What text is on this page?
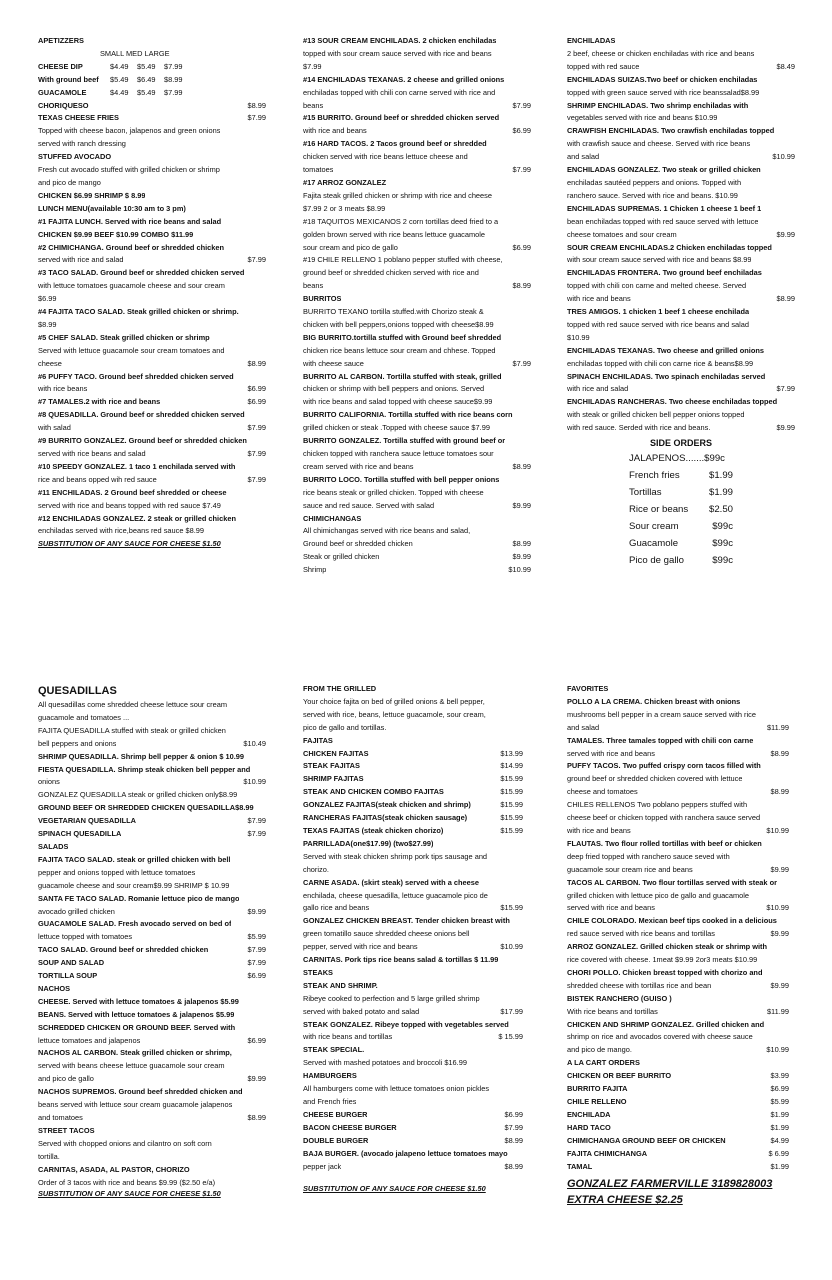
APETIZZERS
SMALL MED LARGE
CHEESE DIP	$4.49	$5.49	$7.99
With ground beef	$5.49	$6.49	$8.99
GUACAMOLE	$4.49	$5.49	$7.99
CHORIQUESO	$8.99
TEXAS CHEESE FRIES	$7.99
Topped with cheese bacon, jalapenos and green onions
served with ranch dressing
STUFFED AVOCADO
Fresh cut avocado stuffed with grilled chicken or shrimp
and pico de mango
CHICKEN $6.99 SHRIMP $ 8.99
LUNCH MENU(available 10:30 am to 3 pm)
#1 FAJITA LUNCH. Served with rice beans and salad
CHICKEN $9.99 BEEF $10.99 COMBO $11.99
#2 CHIMICHANGA. Ground beef or shredded chicken
served with rice and salad	$7.99
#3 TACO SALAD. Ground beef or shredded chicken served
with lettuce tomatoes guacamole cheese and sour cream
$6.99
#4 FAJITA TACO SALAD. Steak grilled chicken or shrimp.
$8.99
#5 CHEF SALAD. Steak grilled chicken or shrimp
Served with lettuce guacamole sour cream tomatoes and
cheese	$8.99
#6 PUFFY TACO. Ground beef shredded chicken served
with rice beans	$6.99
#7 TAMALES.2 with rice and beans	$6.99
#8 QUESADILLA. Ground beef or shredded chicken served
with salad	$7.99
#9 BURRITO GONZALEZ. Ground beef or shredded chicken
served with rice beans and salad	$7.99
#10 SPEEDY GONZALEZ. 1 taco 1 enchilada served with
rice and beans opped wih red sauce	$7.99
#11 ENCHILADAS. 2 Ground beef shredded or cheese
served with rice and beans topped with red sauce $7.49
#12 ENCHILADAS GONZALEZ. 2 steak or grilled chicken
enchiladas served with rice,beans red sauce $8.99
SUBSTITUTION OF ANY SAUCE FOR CHEESE $1.50
#13 SOUR CREAM ENCHILADAS. 2 chicken enchiladas
topped with sour cream sauce served with rice and beans
$7.99
#14 ENCHILADAS TEXANAS. 2 cheese and grilled onions
enchiladas topped with chili con carne served with rice and
beans	$7.99
#15 BURRITO. Ground beef or shredded chicken served
with rice and beans	$6.99
#16 HARD TACOS. 2 Tacos ground beef or shredded
chicken served with rice beans lettuce cheese and
tomatoes	$7.99
#17 ARROZ GONZALEZ
Fajita steak grilled chicken or shrimp with rice and cheese
$7.99 2 or 3 meats $8.99
#18 TAQUITOS MEXICANOS 2 corn tortillas deed fried to a
golden brown served with rice beans lettuce guacamole
sour cream and pico de gallo	$6.99
#19 CHILE RELLENO 1 poblano pepper stuffed with cheese,
ground beef or shredded chicken served with rice and
beans	$8.99
BURRITOS
BURRITO TEXANO tortilla stuffed.with Chorizo steak &
chicken with bell peppers,onions topped with cheese$8.99
BIG BURRITO.tortilla stuffed with Ground beef shredded
chicken rice beans lettuce sour cream and chhese. Topped
with cheese sauce	$7.99
BURRITO AL CARBON. Tortilla stuffed with steak, grilled
chicken or shrimp with bell peppers and onions. Served
with rice beans and salad topped with cheese sauce$9.99
BURRITO CALIFORNIA. Tortilla stuffed with rice beans corn
grilled chicken or steak .Topped with cheese sauce $7.99
BURRITO GONZALEZ. Tortilla stuffed with ground beef or
chicken topped with ranchera sauce lettuce tomatoes sour
cream served with rice and beans	$8.99
BURRITO LOCO. Tortilla stuffed with bell pepper onions
rice beans steak or grilled chicken. Topped with cheese
sauce and red sauce. Served with salad	$9.99
CHIMICHANGAS
All chimichangas served with rice beans and salad,
Ground beef or shredded chicken	$8.99
Steak or grilled chicken	$9.99
Shrimp	$10.99
ENCHILADAS
2 beef, cheese or chicken enchiladas with rice and beans
topped with red sauce	$8.49
ENCHILADAS SUIZAS.Two beef or chicken enchiladas
topped with green sauce served with rice beanssalad$8.99
SHRIMP ENCHILADAS. Two shrimp enchiladas with
vegetables served with rice and beans $10.99
CRAWFISH ENCHILADAS. Two crawfish enchiladas topped
with crawfish sauce and cheese. Served with rice beans
and salad	$10.99
ENCHILADAS GONZALEZ. Two steak or grilled chicken
enchiladas sautéed peppers and onions. Topped with
ranchero sauce. Served with rice and beans. $10.99
ENCHILADAS SUPREMAS. 1 Chicken 1 cheese 1 beef 1
bean enchiladas topped with red sauce served with lettuce
cheese tomatoes and sour cream	$9.99
SOUR CREAM ENCHILADAS.2 Chicken enchiladas topped
with sour cream sauce served with rice and beans $8.99
ENCHILADAS FRONTERA. Two ground beef enchiladas
topped with chili con carne and melted cheese. Served
with rice and beans	$8.99
TRES AMIGOS. 1 chicken 1 beef 1 cheese enchilada
topped with red sauce served with rice beans and salad
$10.99
ENCHILADAS TEXANAS. Two cheese and grilled onions
enchiladas topped with chili con carne rice & beans$8.99
SPINACH ENCHILADAS. Two spinach enchiladas served
with rice and salad	$7.99
ENCHILADAS RANCHERAS. Two cheese enchiladas topped
with steak or grilled chicken bell pepper onions topped
with red sauce. Serded with rice and beans.	$9.99
SIDE ORDERS
JALAPENOS.......$99c
French fries	$1.99
Tortillas	$1.99
Rice or beans	$2.50
Sour cream	$99c
Guacamole	$99c
Pico de gallo	$99c
QUESADILLAS
All quesadillas come shredded cheese lettuce sour cream
guacamole and tomatoes ...
FAJITA QUESADILLA stuffed with steak or grilled chicken
bell peppers and onions	$10.49
SHRIMP QUESADILLA. Shrimp bell pepper & onion $ 10.99
FIESTA QUESADILLA. Shrimp steak chicken bell pepper and
onions	$10.99
GONZALEZ QUESADILLA steak or grilled chicken only$8.99
GROUND BEEF OR SHREDDED CHICKEN QUESADILLA$8.99
VEGETARIAN QUESADILLA	$7.99
SPINACH QUESADILLA	$7.99
SALADS
FAJITA TACO SALAD. steak or grilled chicken with bell
pepper and onions topped with lettuce tomatoes
guacamole cheese and sour cream$9.99 SHRIMP $ 10.99
SANTA FE TACO SALAD. Romanie lettuce pico de mango
avocado grilled chicken	$9.99
GUACAMOLE SALAD. Fresh avocado served on bed of
lettuce topped with tomatoes	$5.99
TACO SALAD. Ground beef or shredded chicken	$7.99
SOUP AND SALAD	$7.99
TORTILLA SOUP	$6.99
NACHOS
CHEESE. Served with lettuce tomatoes & jalapenos $5.99
BEANS. Served with lettuce tomatoes & jalapenos $5.99
SCHREDDED CHICKEN OR GROUND BEEF. Served with
lettuce tomatoes and jalapenos	$6.99
NACHOS AL CARBON. Steak grilled chicken or shrimp,
served with beans cheese lettuce guacamole sour cream
and pico de gallo	$9.99
NACHOS SUPREMOS. Ground beef shredded chicken and
beans served with lettuce sour cream guacamole jalapenos
and tomatoes	$8.99
STREET TACOS
Served with chopped onions and cilantro on soft corn
tortilla.
CARNITAS, ASADA, AL PASTOR, CHORIZO
Order of 3 tacos with rice and beans $9.99 ($2.50 e/a)
SUBSTITUTION OF ANY SAUCE FOR CHEESE $1.50
FROM THE GRILLED
Your choice fajita on bed of grilled onions & bell pepper,
served with rice, beans, lettuce guacamole, sour cream,
pico de gallo and tortillas.
FAJITAS
CHICKEN FAJITAS	$13.99
STEAK FAJITAS	$14.99
SHRIMP FAJITAS	$15.99
STEAK AND CHICKEN COMBO FAJITAS	$15.99
GONZALEZ FAJITAS(steak chicken and shrimp)	$15.99
RANCHERAS FAJITAS(steak chicken sausage)	$15.99
TEXAS FAJITAS (steak chicken chorizo)	$15.99
PARRILLADA(one$17.99) (two$27.99)
Served with steak chicken shrimp pork tips sausage and
chorizo.
CARNE ASADA. (skirt steak) served with a cheese
enchilada, cheese quesadilla, lettuce guacamole pico de
gallo rice and beans	$15.99
GONZALEZ CHICKEN BREAST. Tender chicken breast with
green tomatillo sauce shredded cheese onions bell
pepper, served with rice and beans	$10.99
CARNITAS. Pork tips rice beans salad & tortillas $ 11.99
STEAKS
STEAK AND SHRIMP.
Ribeye cooked to perfection and 5 large grilled shrimp
served with baked potato and salad	$17.99
STEAK GONZALEZ. Ribeye topped with vegetables served
with rice beans and tortillas	$ 15.99
STEAK SPECIAL.
Served with mashed potatoes and broccoli $16.99
HAMBURGERS
All hamburgers come with lettuce tomatoes onion pickles
and French fries
CHEESE BURGER	$6.99
BACON CHEESE BURGER	$7.99
DOUBLE BURGER	$8.99
BAJA BURGER. (avocado jalapeno lettuce tomatoes mayo
pepper jack	$8.99
SUBSTITUTION OF ANY SAUCE FOR CHEESE $1.50
FAVORITES
POLLO A LA CREMA. Chicken breast with onions
mushrooms bell pepper in a cream sauce served with rice
and salad	$11.99
TAMALES. Three tamales topped with chili con carne
served with rice and beans	$8.99
PUFFY TACOS. Two puffed crispy corn tacos filled with
ground beef or shredded chicken covered with lettuce
cheese and tomatoes	$8.99
CHILES RELLENOS Two poblano peppers stuffed with
cheese beef or chicken topped with ranchera sauce served
with rice and beans	$10.99
FLAUTAS. Two flour rolled tortillas with beef or chicken
deep fried topped with ranchero sauce seved with
guacamole sour cream rice and beans	$9.99
TACOS AL CARBON. Two flour tortillas served with steak or
grilled chicken with lettuce pico de gallo and guacamole
served with rice and beans	$10.99
CHILE COLORADO. Mexican beef tips cooked in a delicious
red sauce served with rice beans and tortillas	$9.99
ARROZ GONZALEZ. Grilled chicken steak or shrimp with
rice covered with cheese. 1meat $9.99 2or3 meats $10.99
CHORI POLLO. Chicken breast topped with chorizo and
shredded cheese with tortillas rice and bean	$9.99
BISTEK RANCHERO (GUISO )
With rice beans and tortillas	$11.99
CHICKEN AND SHRIMP GONZALEZ. Grilled chicken and
shrimp on rice and avocados covered with cheese sauce
and pico de mango.	$10.99
A LA CART ORDERS
CHICKEN OR BEEF BURRITO	$3.99
BURRITO FAJITA	$6.99
CHILE RELLENO	$5.99
ENCHILADA	$1.99
HARD TACO	$1.99
CHIMICHANGA GROUND BEEF OR CHICKEN	$4.99
FAJITA CHIMICHANGA	$ 6.99
TAMAL	$1.99
GONZALEZ FARMERVILLE 3189828003
EXTRA CHEESE $2.25
